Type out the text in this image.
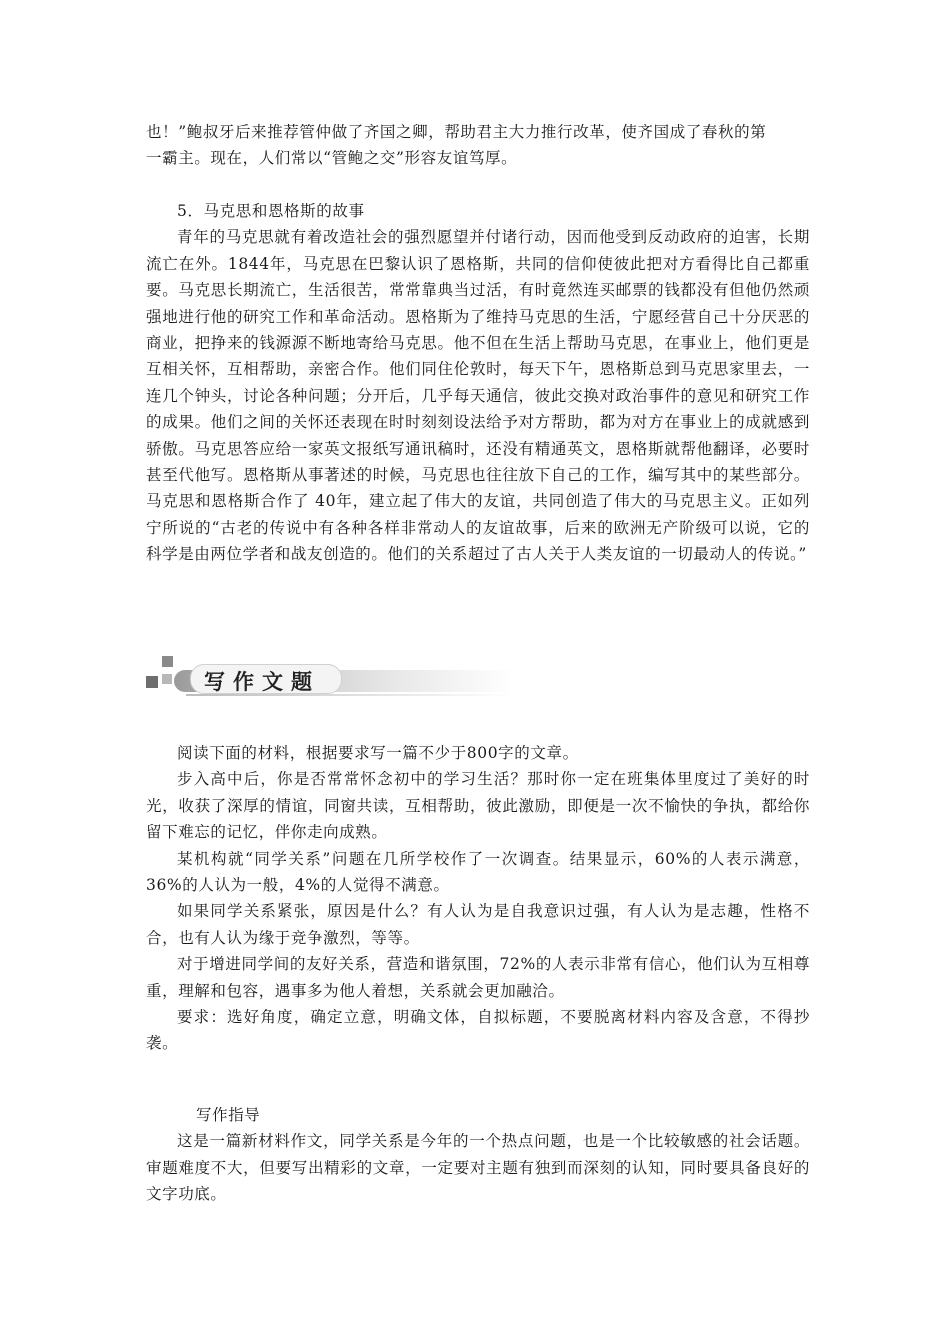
也！”鲍叔牙后来推荐管仲做了齐国之卿，帮助君主大力推行改革，使齐国成了春秋的第

一霸主。现在，人们常以“管鲍之交”形容友谊笃厚。

5．马克思和恩格斯的故事

青年的马克思就有着改造社会的强烈愿望并付诸行动，因而他受到反动政府的迫害，长期流亡在外。1844年，马克思在巴黎认识了恩格斯，共同的信仰使彼此把对方看得比自己都重要。马克思长期流亡，生活很苦，常常靠典当过活，有时竟然连买邮票的钱都没有但他仍然顽强地进行他的研究工作和革命活动。恩格斯为了维持马克思的生活，宁愿经营自己十分厌恶的商业，把挣来的钱源源不断地寄给马克思。他不但在生活上帮助马克思，在事业上，他们更是互相关怀，互相帮助，亲密合作。他们同住伦敦时，每天下午，恩格斯总到马克思家里去，一连几个钟头，讨论各种问题；分开后，几乎每天通信，彼此交换对政治事件的意见和研究工作的成果。他们之间的关怀还表现在时时刻刻设法给予对方帮助，都为对方在事业上的成就感到骄傲。马克思答应给一家英文报纸写通讯稿时，还没有精通英文，恩格斯就帮他翻译，必要时甚至代他写。恩格斯从事著述的时候，马克思也往往放下自己的工作，编写其中的某些部分。马克思和恩格斯合作了 40年，建立起了伟大的友谊，共同创造了伟大的马克思主义。正如列宁所说的“古老的传说中有各种各样非常动人的友谊故事，后来的欧洲无产阶级可以说，它的科学是由两位学者和战友创造的。他们的关系超过了古人关于人类友谊的一切最动人的传说。”

写作文题

阅读下面的材料，根据要求写一篇不少于800字的文章。

步入高中后，你是否常常怀念初中的学习生活？那时你一定在班集体里度过了美好的时光，收获了深厚的情谊，同窗共读，互相帮助，彼此激励，即便是一次不愉快的争执，都给你留下难忘的记忆，伴你走向成熟。

某机构就“同学关系”问题在几所学校作了一次调查。结果显示，60%的人表示满意，36%的人认为一般，4%的人觉得不满意。

如果同学关系紧张，原因是什么？有人认为是自我意识过强，有人认为是志趣，性格不合，也有人认为缘于竞争激烈，等等。

对于增进同学间的友好关系，营造和谐氛围，72%的人表示非常有信心，他们认为互相尊重，理解和包容，遇事多为他人着想，关系就会更加融洽。

要求：选好角度，确定立意，明确文体，自拟标题，不要脱离材料内容及含意，不得抄袭。

写作指导

这是一篇新材料作文，同学关系是今年的一个热点问题，也是一个比较敏感的社会话题。审题难度不大，但要写出精彩的文章，一定要对主题有独到而深刻的认知，同时要具备良好的文字功底。
